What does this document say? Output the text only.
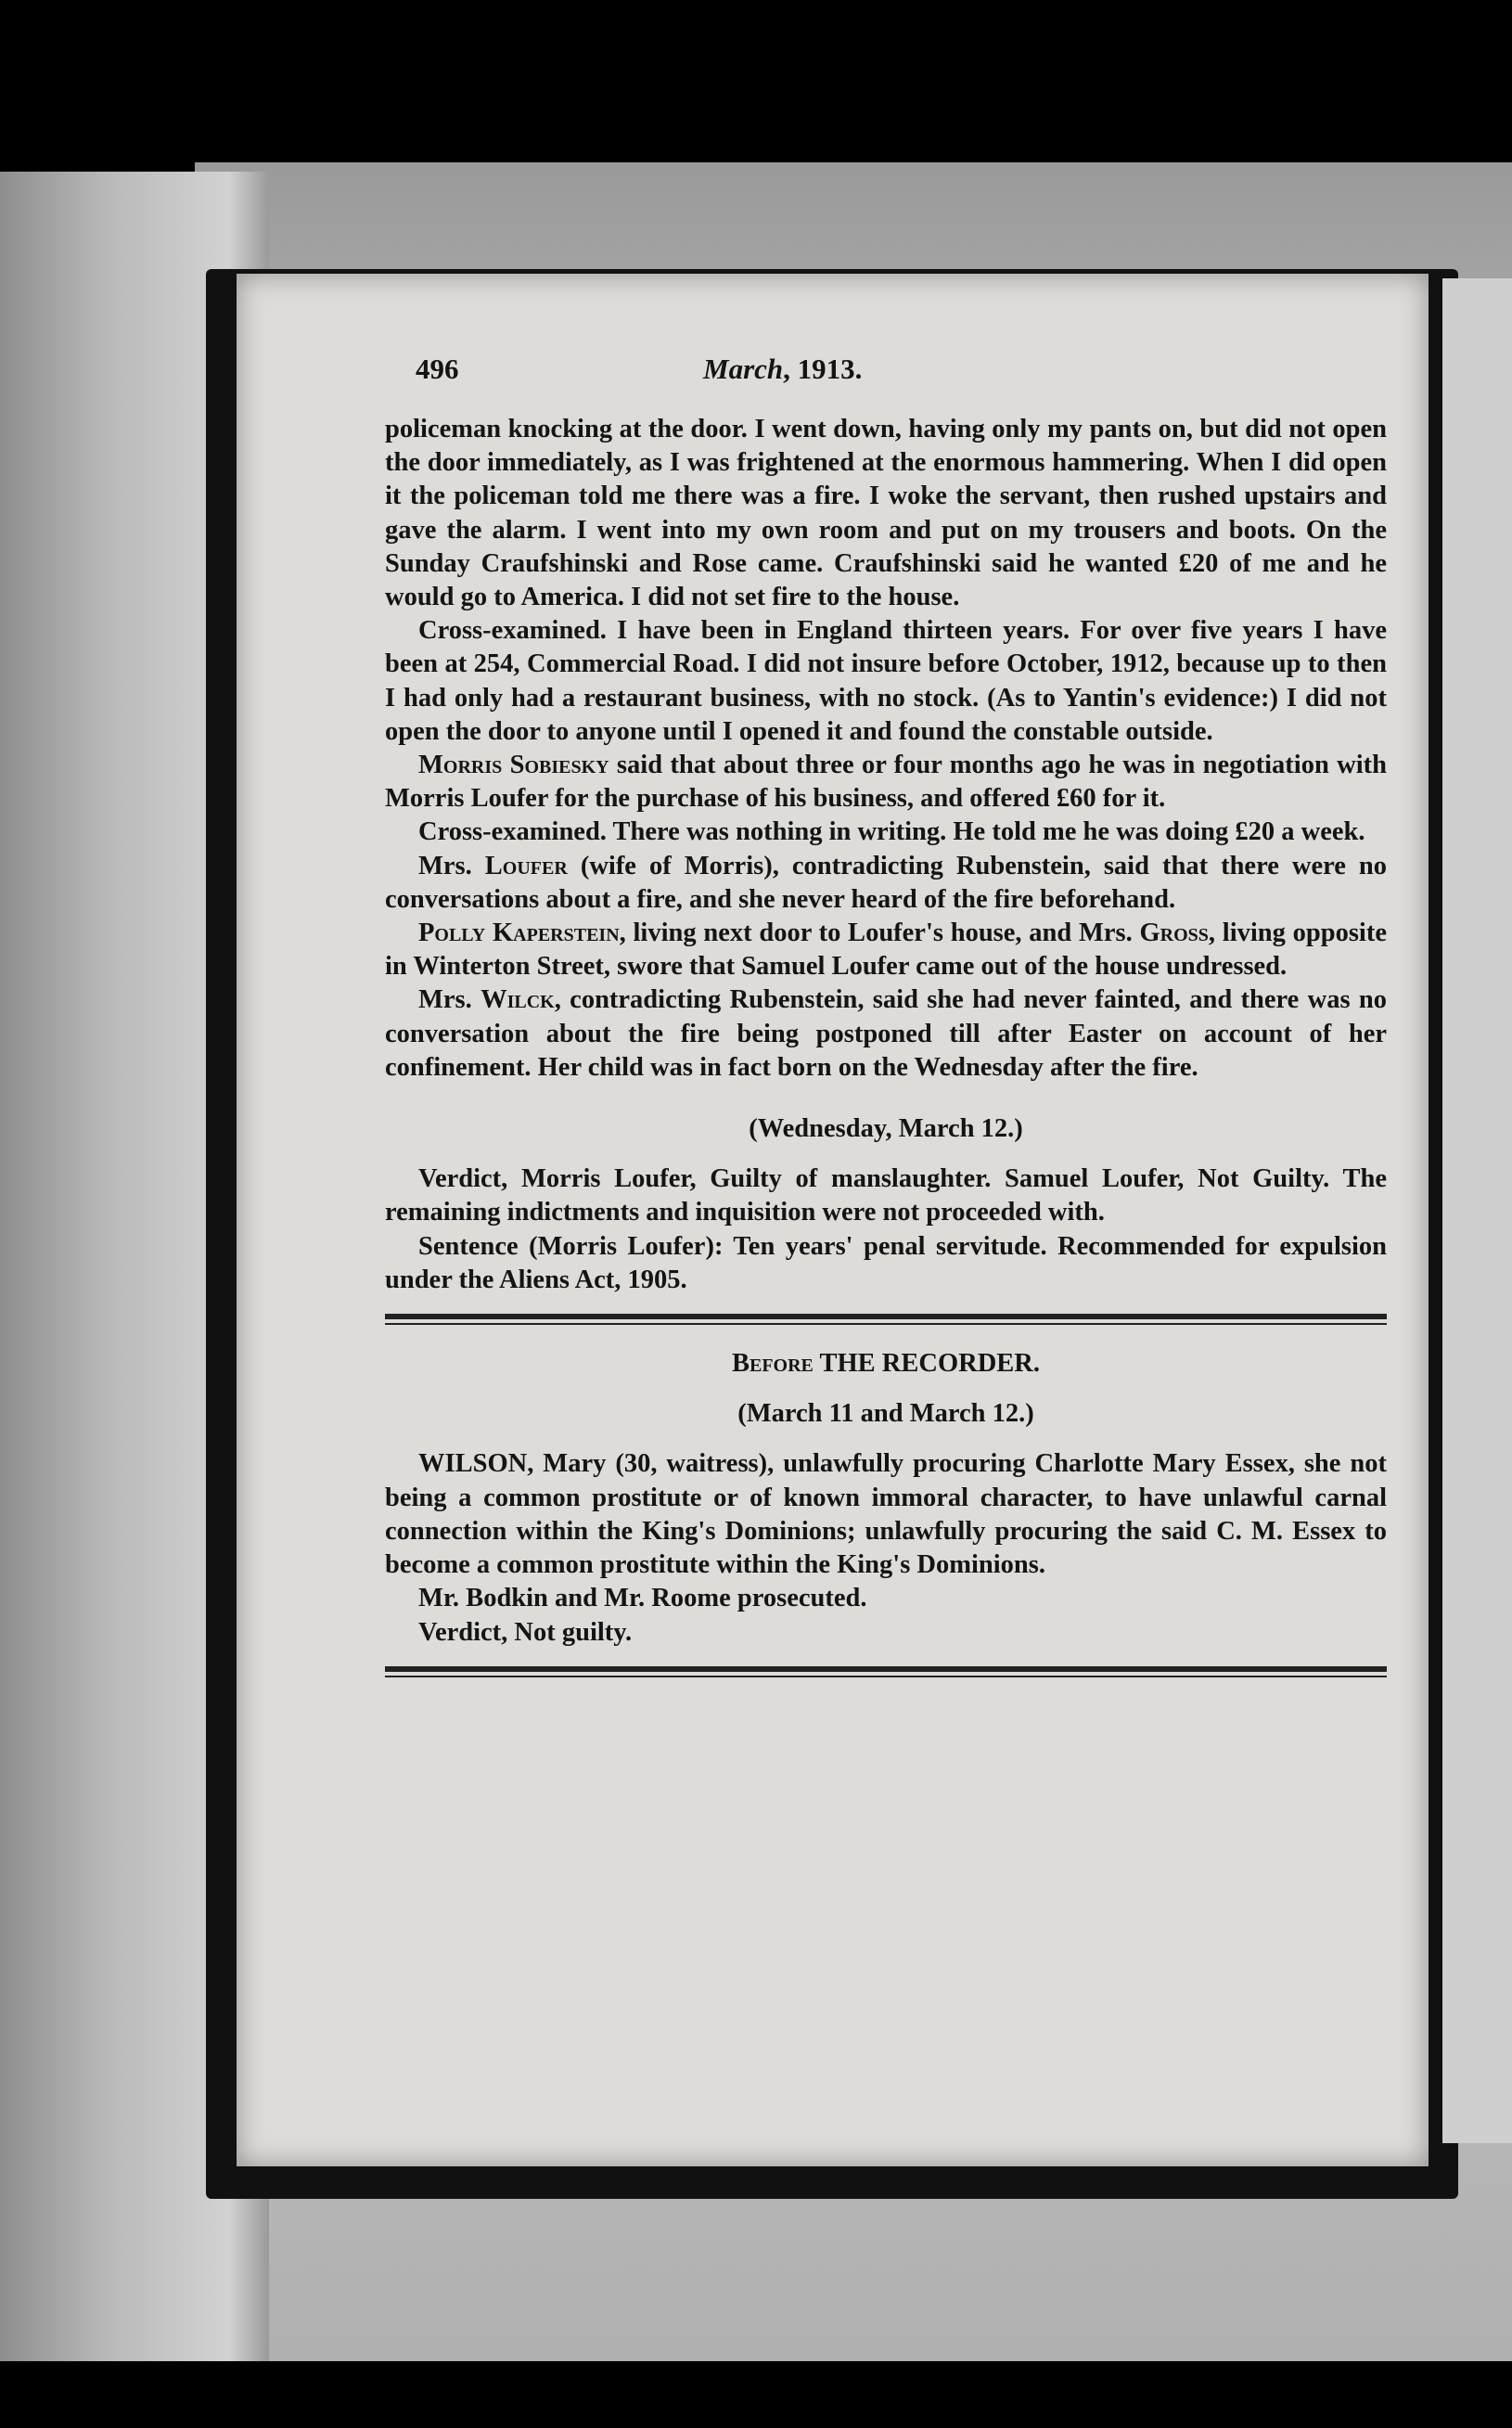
496	March, 1913.

policeman knocking at the door. I went down, having only my pants on, but did not open the door immediately, as I was frightened at the enormous hammering. When I did open it the policeman told me there was a fire. I woke the servant, then rushed upstairs and gave the alarm. I went into my own room and put on my trousers and boots. On the Sunday Craufshinski and Rose came. Craufshinski said he wanted £20 of me and he would go to America. I did not set fire to the house.

Cross-examined. I have been in England thirteen years. For over five years I have been at 254, Commercial Road. I did not insure before October, 1912, because up to then I had only had a restaurant business, with no stock. (As to Yantin's evidence:) I did not open the door to anyone until I opened it and found the constable outside.

Morris Sobiesky said that about three or four months ago he was in negotiation with Morris Loufer for the purchase of his business, and offered £60 for it.

Cross-examined. There was nothing in writing. He told me he was doing £20 a week.

Mrs. Loufer (wife of Morris), contradicting Rubenstein, said that there were no conversations about a fire, and she never heard of the fire beforehand.

Polly Kaperstein, living next door to Loufer's house, and Mrs. Gross, living opposite in Winterton Street, swore that Samuel Loufer came out of the house undressed.

Mrs. Wilck, contradicting Rubenstein, said she had never fainted, and there was no conversation about the fire being postponed till after Easter on account of her confinement. Her child was in fact born on the Wednesday after the fire.

(Wednesday, March 12.)

Verdict, Morris Loufer, Guilty of manslaughter. Samuel Loufer, Not Guilty. The remaining indictments and inquisition were not proceeded with.

Sentence (Morris Loufer): Ten years' penal servitude. Recommended for expulsion under the Aliens Act, 1905.

Before THE RECORDER.

(March 11 and March 12.)

WILSON, Mary (30, waitress), unlawfully procuring Charlotte Mary Essex, she not being a common prostitute or of known immoral character, to have unlawful carnal connection within the King's Dominions; unlawfully procuring the said C. M. Essex to become a common prostitute within the King's Dominions.

Mr. Bodkin and Mr. Roome prosecuted.

Verdict, Not guilty.
